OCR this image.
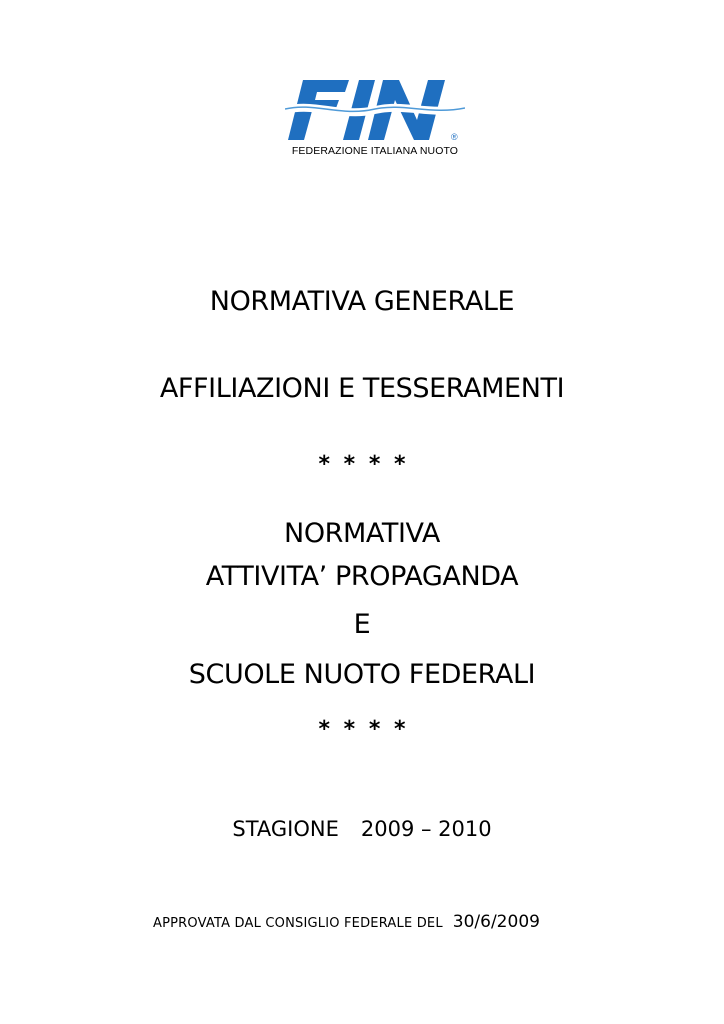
®
FEDERAZIONE ITALIANA NUOTO
NORMATIVA GENERALE
AFFILIAZIONI E TESSERAMENTI
* * * *
NORMATIVA
ATTIVITA’ PROPAGANDA
E
SCUOLE NUOTO FEDERALI
* * * *
STAGIONE 2009 – 2010
APPROVATA DAL CONSIGLIO FEDERALE DEL 30/6/2009
